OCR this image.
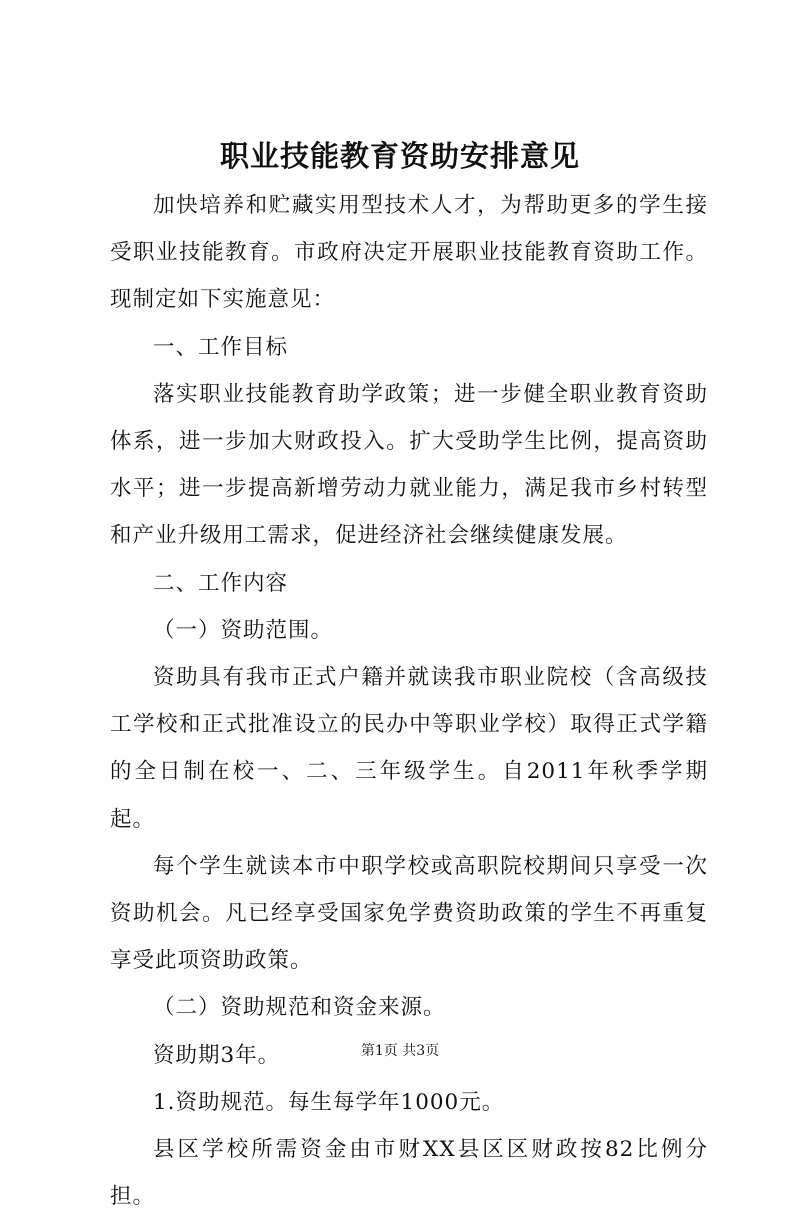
职业技能教育资助安排意见

加快培养和贮藏实用型技术人才，为帮助更多的学生接受职业技能教育。市政府决定开展职业技能教育资助工作。现制定如下实施意见：

一、工作目标

落实职业技能教育助学政策；进一步健全职业教育资助体系，进一步加大财政投入。扩大受助学生比例，提高资助水平；进一步提高新增劳动力就业能力，满足我市乡村转型和产业升级用工需求，促进经济社会继续健康发展。

二、工作内容

（一）资助范围。

资助具有我市正式户籍并就读我市职业院校（含高级技工学校和正式批准设立的民办中等职业学校）取得正式学籍的全日制在校一、二、三年级学生。自2011年秋季学期起。

每个学生就读本市中职学校或高职院校期间只享受一次资助机会。凡已经享受国家免学费资助政策的学生不再重复享受此项资助政策。

（二）资助规范和资金来源。

资助期3年。

1.资助规范。每生每学年1000元。

县区学校所需资金由市财XX县区区财政按82比例分担。

第1页 共3页
